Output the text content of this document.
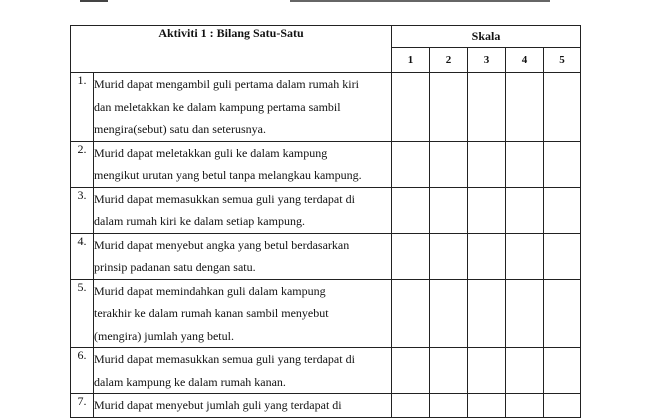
Aktiviti 1 : Bilang Satu-Satu		Skala				
		1	2	3	4	5
1.	Murid dapat mengambil guli pertama dalam rumah kiri
dan meletakkan ke dalam kampung pertama sambil
mengira(sebut) satu dan seterusnya.					

2.	Murid dapat meletakkan guli ke dalam kampung
mengikut urutan yang betul tanpa melangkau kampung.					

3.	Murid dapat memasukkan semua guli yang terdapat di
dalam rumah kiri ke dalam setiap kampung.					

4.	Murid dapat menyebut angka yang betul berdasarkan
prinsip padanan satu dengan satu.					

5.	Murid dapat memindahkan guli dalam kampung
terakhir ke dalam rumah kanan sambil menyebut
(mengira) jumlah yang betul.					

6.	Murid dapat memasukkan semua guli yang terdapat di
dalam kampung ke dalam rumah kanan.					

7.	Murid dapat menyebut jumlah guli yang terdapat di					
